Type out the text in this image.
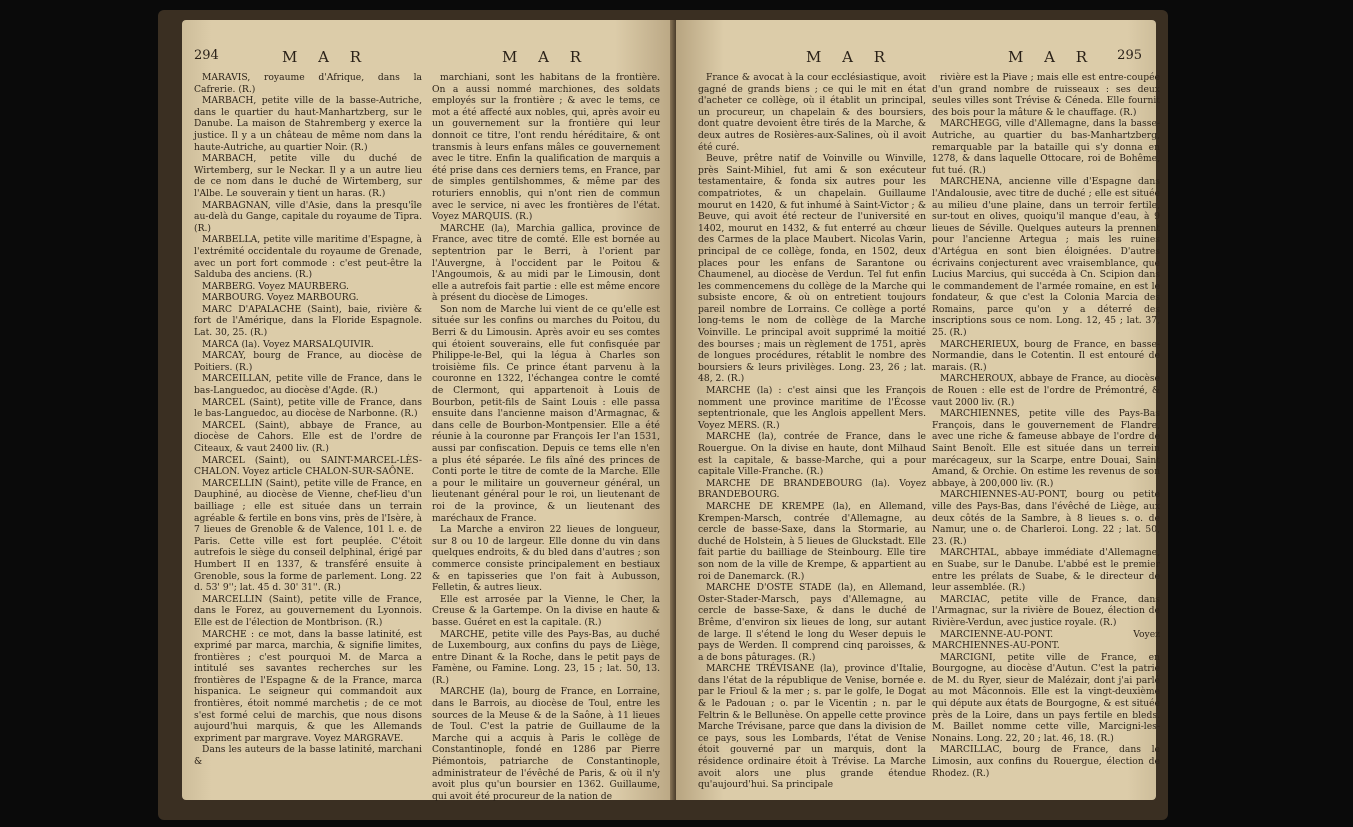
294	M A R	M A R

MARAVIS, royaume d'Afrique, dans la Cafrerie. (R.)

MARBACH, petite ville de la basse-Autriche, dans le quartier du haut-Manhartzberg, sur le Danube. La maison de Stahremberg y exerce la justice. Il y a un château de même nom dans la haute-Autriche, au quartier Noir. (R.)

MARBACH, petite ville du duché de Wirtemberg, sur le Neckar. Il y a un autre lieu de ce nom dans le duché de Wirtemberg, sur l'Albe. Le souverain y tient un haras. (R.)

MARBAGNAN, ville d'Asie, dans la presqu'île au-delà du Gange, capitale du royaume de Tipra. (R.)

MARBELLA, petite ville maritime d'Espagne, à l'extrémité occidentale du royaume de Grenade, avec un port fort commode : c'est peut-être la Salduba des anciens. (R.)

MARBERG. Voyez MAURBERG.

MARBOURG. Voyez MARBOURG.

MARC D'APALACHE (Saint), baie, rivière & fort de l'Amérique, dans la Floride Espagnole. Lat. 30, 25. (R.)

MARCA (la). Voyez MARSALQUIVIR.

MARCAY, bourg de France, au diocèse de Poitiers. (R.)

MARCEILLAN, petite ville de France, dans le bas-Languedoc, au diocèse d'Agde. (R.)

MARCEL (Saint), petite ville de France, dans le bas-Languedoc, au diocèse de Narbonne. (R.)

MARCEL (Saint), abbaye de France, au diocèse de Cahors. Elle est de l'ordre de Citeaux, & vaut 2400 liv. (R.)

MARCEL (Saint), ou SAINT-MARCEL-LÈS-CHALON. Voyez article CHALON-SUR-SAÔNE.

MARCELLIN (Saint), petite ville de France, en Dauphiné, au diocèse de Vienne, chef-lieu d'un bailliage ; elle est située dans un terrain agréable & fertile en bons vins, près de l'Isère, à 7 lieues de Grenoble & de Valence, 101 l. e. de Paris. Cette ville est fort peuplée. C'étoit autrefois le siège du conseil delphinal, érigé par Humbert II en 1337, & transféré ensuite à Grenoble, sous la forme de parlement. Long. 22 d. 53' 9''; lat. 45 d. 30' 31''. (R.)

MARCELLIN (Saint), petite ville de France, dans le Forez, au gouvernement du Lyonnois. Elle est de l'élection de Montbrison. (R.)

MARCHE : ce mot, dans la basse latinité, est exprimé par marca, marchia, & signifie limites, frontières ; c'est pourquoi M. de Marca a intitulé ses savantes recherches sur les frontières de l'Espagne & de la France, marca hispanica. Le seigneur qui commandoit aux frontières, étoit nommé marchetis ; de ce mot s'est formé celui de marchis, que nous disons aujourd'hui marquis, & que les Allemands expriment par margrave. Voyez MARGRAVE.

Dans les auteurs de la basse latinité, marchani &

marchiani, sont les habitans de la frontière. On a aussi nommé marchiones, des soldats employés sur la frontière ; & avec le tems, ce mot a été affecté aux nobles, qui, après avoir eu un gouvernement sur la frontière qui leur donnoit ce titre, l'ont rendu héréditaire, & ont transmis à leurs enfans mâles ce gouvernement avec le titre. Enfin la qualification de marquis a été prise dans ces derniers tems, en France, par de simples gentilshommes, & même par des roturiers ennoblis, qui n'ont rien de commun avec le service, ni avec les frontières de l'état. Voyez MARQUIS. (R.)

MARCHE (la), Marchia gallica, province de France, avec titre de comté. Elle est bornée au septentrion par le Berri, à l'orient par l'Auvergne, à l'occident par le Poitou & l'Angoumois, & au midi par le Limousin, dont elle a autrefois fait partie : elle est même encore à présent du diocèse de Limoges.

Son nom de Marche lui vient de ce qu'elle est située sur les confins ou marches du Poitou, du Berri & du Limousin. Après avoir eu ses comtes qui étoient souverains, elle fut confisquée par Philippe-le-Bel, qui la légua à Charles son troisième fils. Ce prince étant parvenu à la couronne en 1322, l'échangea contre le comté de Clermont, qui appartenoit à Louis de Bourbon, petit-fils de Saint Louis : elle passa ensuite dans l'ancienne maison d'Armagnac, & dans celle de Bourbon-Montpensier. Elle a été réunie à la couronne par François Ier l'an 1531, aussi par confiscation. Depuis ce tems elle n'en a plus été séparée. Le fils aîné des princes de Conti porte le titre de comte de la Marche. Elle a pour le militaire un gouverneur général, un lieutenant général pour le roi, un lieutenant de roi de la province, & un lieutenant des maréchaux de France.

La Marche a environ 22 lieues de longueur, sur 8 ou 10 de largeur. Elle donne du vin dans quelques endroits, & du bled dans d'autres ; son commerce consiste principalement en bestiaux & en tapisseries que l'on fait à Aubusson, Felletin, & autres lieux.

Elle est arrosée par la Vienne, le Cher, la Creuse & la Gartempe. On la divise en haute & basse. Guéret en est la capitale. (R.)

MARCHE, petite ville des Pays-Bas, au duché de Luxembourg, aux confins du pays de Liège, entre Dinant & la Roche, dans le petit pays de Famène, ou Famine. Long. 23, 15 ; lat. 50, 13. (R.)

MARCHE (la), bourg de France, en Lorraine, dans le Barrois, au diocèse de Toul, entre les sources de la Meuse & de la Saône, à 11 lieues de Toul. C'est la patrie de Guillaume de la Marche qui a acquis à Paris le collège de Constantinople, fondé en 1286 par Pierre Piémontois, patriarche de Constantinople, administrateur de l'évêché de Paris, & où il n'y avoit plus qu'un boursier en 1362. Guillaume, qui avoit été procureur de la nation de

M A R	M A R 295

France & avocat à la cour ecclésiastique, avoit gagné de grands biens ; ce qui le mit en état d'acheter ce collège, où il établit un principal, un procureur, un chapelain & des boursiers, dont quatre devoient être tirés de la Marche, & deux autres de Rosières-aux-Salines, où il avoit été curé.

Beuve, prêtre natif de Voinville ou Winville, près Saint-Mihiel, fut ami & son exécuteur testamentaire, & fonda six autres pour les compatriotes, & un chapelain. Guillaume mourut en 1420, & fut inhumé à Saint-Victor ; & Beuve, qui avoit été recteur de l'université en 1402, mourut en 1432, & fut enterré au chœur des Carmes de la place Maubert. Nicolas Varin, principal de ce collège, fonda, en 1502, deux places pour les enfans de Sarantone ou Chaumenel, au diocèse de Verdun. Tel fut enfin les commencemens du collège de la Marche qui subsiste encore, & où on entretient toujours pareil nombre de Lorrains. Ce collège a porté long-tems le nom de collège de la Marche Voinville. Le principal avoit supprimé la moitié des bourses ; mais un règlement de 1751, après de longues procédures, rétablit le nombre des boursiers & leurs privilèges. Long. 23, 26 ; lat. 48, 2. (R.)

MARCHE (la) : c'est ainsi que les François nomment une province maritime de l'Écosse septentrionale, que les Anglois appellent Mers. Voyez MERS. (R.)

MARCHE (la), contrée de France, dans le Rouergue. On la divise en haute, dont Milhaud est la capitale, & basse-Marche, qui a pour capitale Ville-Franche. (R.)

MARCHE DE BRANDEBOURG (la). Voyez BRANDEBOURG.

MARCHE DE KREMPE (la), en Allemand, Krempen-Marsch, contrée d'Allemagne, au cercle de basse-Saxe, dans la Stormarie, au duché de Holstein, à 5 lieues de Gluckstadt. Elle fait partie du bailliage de Steinbourg. Elle tire son nom de la ville de Krempe, & appartient au roi de Danemarck. (R.)

MARCHE D'OSTE STADE (la), en Allemand, Oster-Stader-Marsch, pays d'Allemagne, au cercle de basse-Saxe, & dans le duché de Brême, d'environ six lieues de long, sur autant de large. Il s'étend le long du Weser depuis le pays de Werden. Il comprend cinq paroisses, & a de bons pâturages. (R.)

MARCHE TRÉVISANE (la), province d'Italie, dans l'état de la république de Venise, bornée e. par le Frioul & la mer ; s. par le golfe, le Dogat & le Padouan ; o. par le Vicentin ; n. par le Feltrin & le Bellunèse. On appelle cette province Marche Trévisane, parce que dans la division de ce pays, sous les Lombards, l'état de Venise étoit gouverné par un marquis, dont la résidence ordinaire étoit à Trévise. La Marche avoit alors une plus grande étendue qu'aujourd'hui. Sa principale

rivière est la Piave ; mais elle est entre-coupée d'un grand nombre de ruisseaux : ses deux seules villes sont Trévise & Céneda. Elle fournit des bois pour la mâture & le chauffage. (R.)

MARCHEGG, ville d'Allemagne, dans la basse-Autriche, au quartier du bas-Manhartzberg, remarquable par la bataille qui s'y donna en 1278, & dans laquelle Ottocare, roi de Bohême, fut tué. (R.)

MARCHENA, ancienne ville d'Espagne dans l'Andalousie, avec titre de duché ; elle est située au milieu d'une plaine, dans un terroir fertile, sur-tout en olives, quoiqu'il manque d'eau, à 9 lieues de Séville. Quelques auteurs la prennent pour l'ancienne Artegua ; mais les ruines d'Artégua en sont bien éloignées. D'autres écrivains conjecturent avec vraisemblance, que Lucius Marcius, qui succéda à Cn. Scipion dans le commandement de l'armée romaine, en est le fondateur, & que c'est la Colonia Marcia des Romains, parce qu'on y a déterré des inscriptions sous ce nom. Long. 12, 45 ; lat. 37, 25. (R.)

MARCHERIEUX, bourg de France, en basse-Normandie, dans le Cotentin. Il est entouré de marais. (R.)

MARCHEROUX, abbaye de France, au diocèse de Rouen : elle est de l'ordre de Prémontré, & vaut 2000 liv. (R.)

MARCHIENNES, petite ville des Pays-Bas François, dans le gouvernement de Flandre, avec une riche & fameuse abbaye de l'ordre de Saint Benoît. Elle est située dans un terrein marécageux, sur la Scarpe, entre Douai, Saint Amand, & Orchie. On estime les revenus de son abbaye, à 200,000 liv. (R.)

MARCHIENNES-AU-PONT, bourg ou petite ville des Pays-Bas, dans l'évêché de Liège, aux deux côtés de la Sambre, à 8 lieues s. o. de Namur, une o. de Charleroi. Long. 22 ; lat. 50, 23. (R.)

MARCHTAL, abbaye immédiate d'Allemagne, en Suabe, sur le Danube. L'abbé est le premier entre les prélats de Suabe, & le directeur de leur assemblée. (R.)

MARCIAC, petite ville de France, dans l'Armagnac, sur la rivière de Bouez, élection de Rivière-Verdun, avec justice royale. (R.)

MARCIENNE-AU-PONT. Voyez MARCHIENNES-AU-PONT.

MARCIGNI, petite ville de France, en Bourgogne, au diocèse d'Autun. C'est la patrie de M. du Ryer, sieur de Malézair, dont j'ai parlé au mot Mâconnois. Elle est la vingt-deuxième qui députe aux états de Bourgogne, & est située près de la Loire, dans un pays fertile en bleds. M. Baillet nomme cette ville, Marcigni-les-Nonains. Long. 22, 20 ; lat. 46, 18. (R.)

MARCILLAC, bourg de France, dans le Limosin, aux confins du Rouergue, élection de Rhodez. (R.)
